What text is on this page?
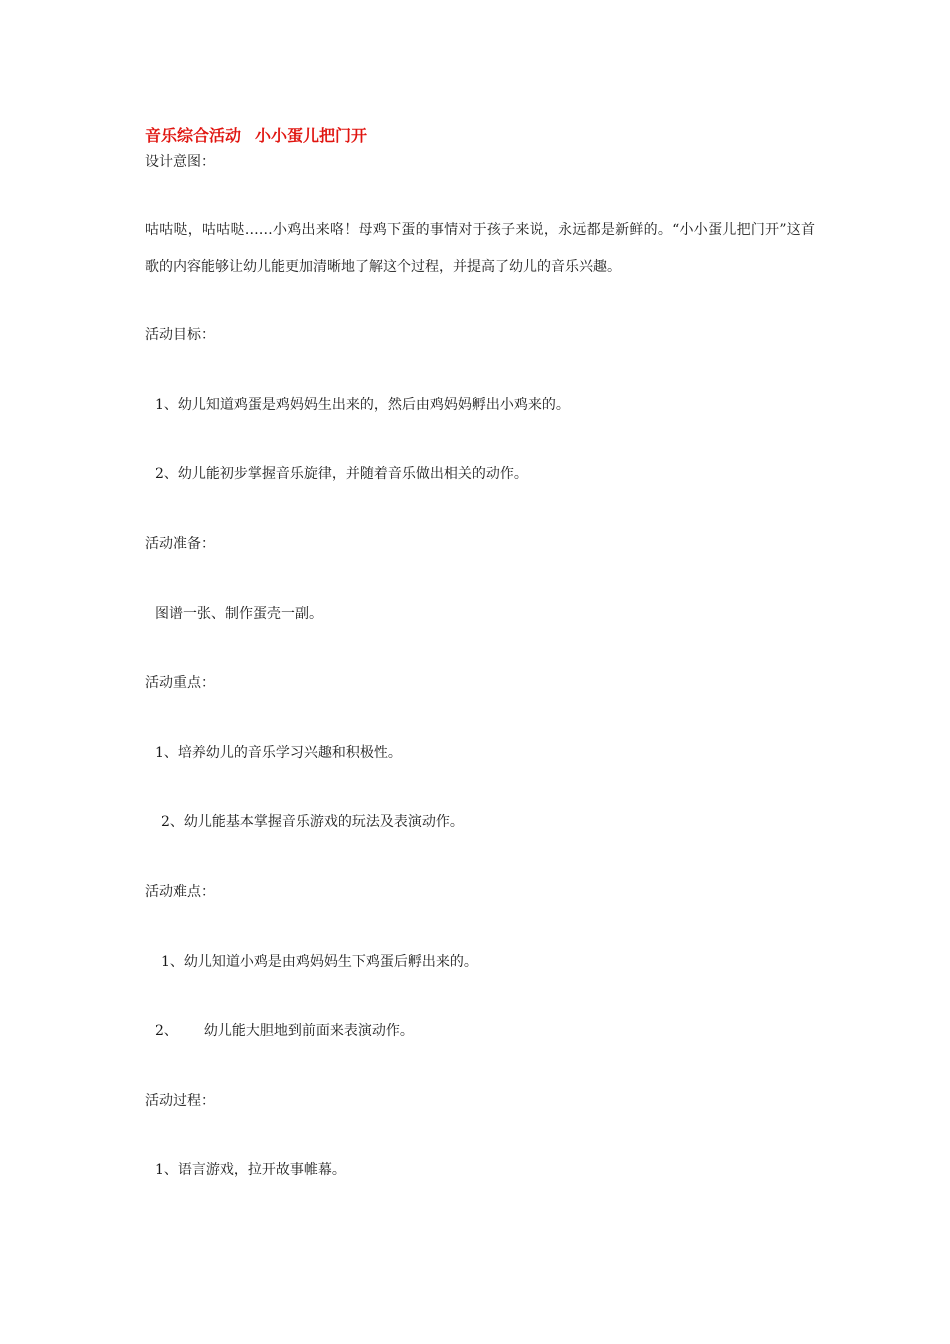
音乐综合活动 小小蛋儿把门开
设计意图：
咕咕哒，咕咕哒……小鸡出来咯！母鸡下蛋的事情对于孩子来说，永远都是新鲜的。“小小蛋儿把门开”这首歌的内容能够让幼儿能更加清晰地了解这个过程，并提高了幼儿的音乐兴趣。
活动目标：
1、幼儿知道鸡蛋是鸡妈妈生出来的，然后由鸡妈妈孵出小鸡来的。
2、幼儿能初步掌握音乐旋律，并随着音乐做出相关的动作。
活动准备：
图谱一张、制作蛋壳一副。
活动重点：
1、培养幼儿的音乐学习兴趣和积极性。
2、幼儿能基本掌握音乐游戏的玩法及表演动作。
活动难点：
1、幼儿知道小鸡是由鸡妈妈生下鸡蛋后孵出来的。
2、 幼儿能大胆地到前面来表演动作。
活动过程：
1、语言游戏，拉开故事帷幕。
